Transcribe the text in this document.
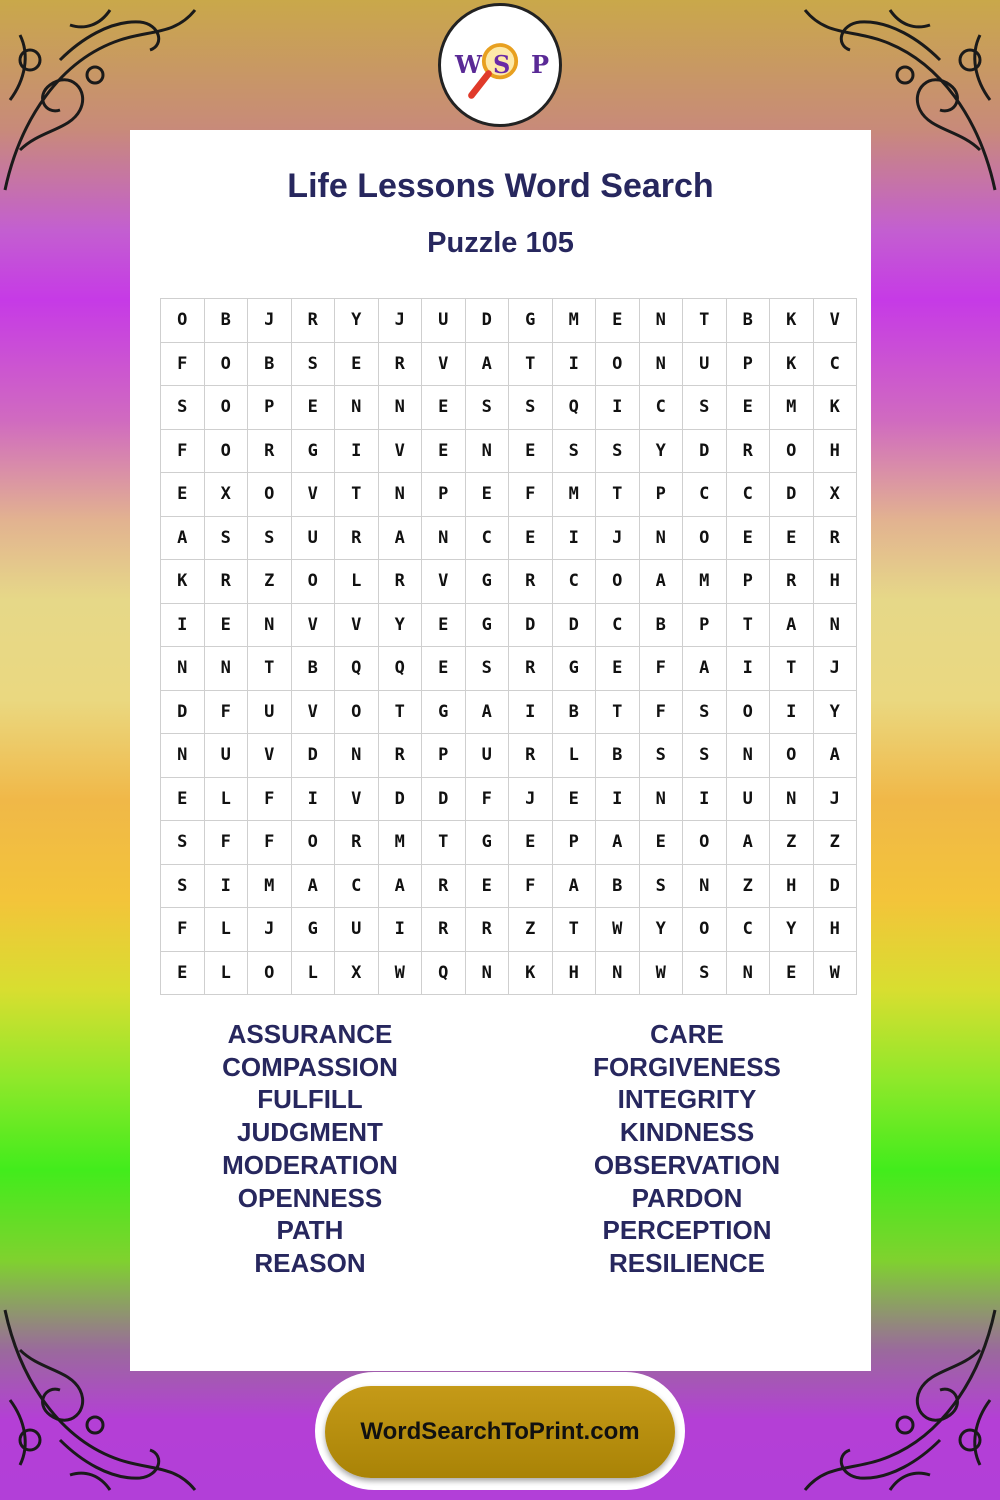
W S P
Life Lessons Word Search
Puzzle 105
O	B	J	R	Y	J	U	D	G	M	E	N	T	B	K	V
F	O	B	S	E	R	V	A	T	I	O	N	U	P	K	C
S	O	P	E	N	N	E	S	S	Q	I	C	S	E	M	K
F	O	R	G	I	V	E	N	E	S	S	Y	D	R	O	H
E	X	O	V	T	N	P	E	F	M	T	P	C	C	D	X
A	S	S	U	R	A	N	C	E	I	J	N	O	E	E	R
K	R	Z	O	L	R	V	G	R	C	O	A	M	P	R	H
I	E	N	V	V	Y	E	G	D	D	C	B	P	T	A	N
N	N	T	B	Q	Q	E	S	R	G	E	F	A	I	T	J
D	F	U	V	O	T	G	A	I	B	T	F	S	O	I	Y
N	U	V	D	N	R	P	U	R	L	B	S	S	N	O	A
E	L	F	I	V	D	D	F	J	E	I	N	I	U	N	J
S	F	F	O	R	M	T	G	E	P	A	E	O	A	Z	Z
S	I	M	A	C	A	R	E	F	A	B	S	N	Z	H	D
F	L	J	G	U	I	R	R	Z	T	W	Y	O	C	Y	H
E	L	O	L	X	W	Q	N	K	H	N	W	S	N	E	W
ASSURANCE
COMPASSION
FULFILL
JUDGMENT
MODERATION
OPENNESS
PATH
REASON
CARE
FORGIVENESS
INTEGRITY
KINDNESS
OBSERVATION
PARDON
PERCEPTION
RESILIENCE
WordSearchToPrint.com
